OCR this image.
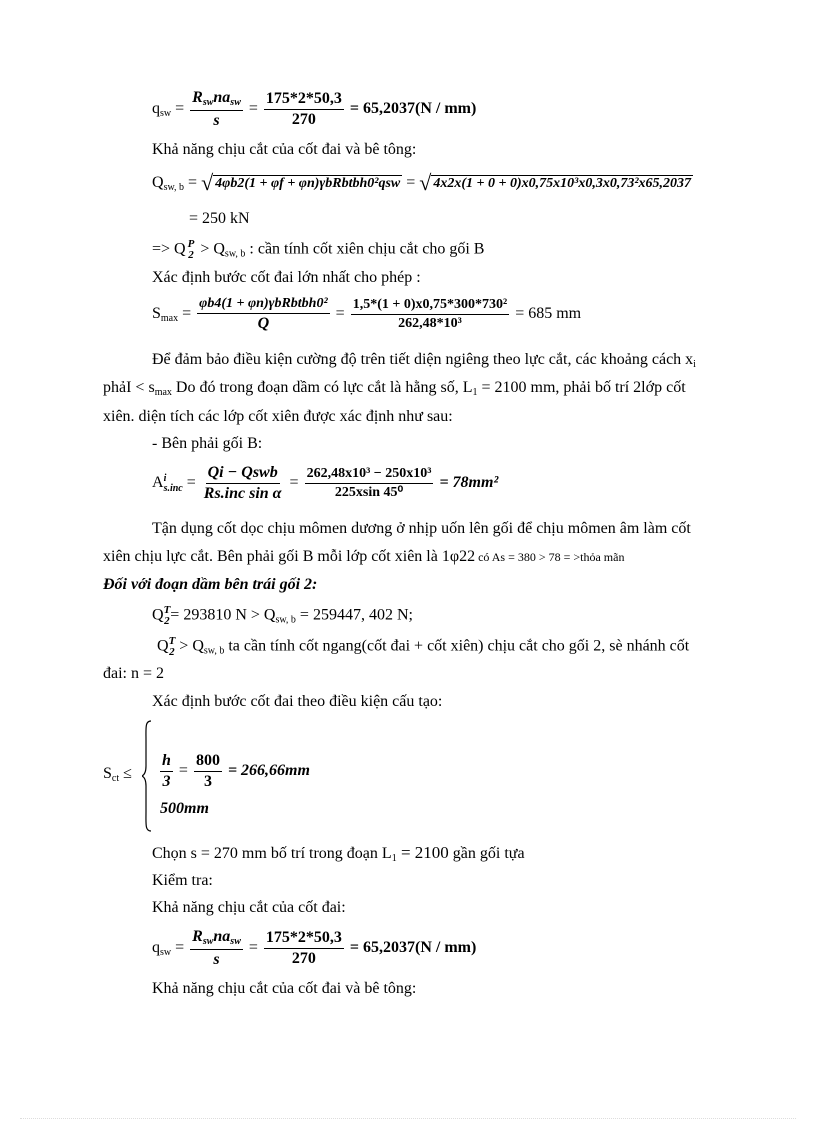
$q_{sw} = \frac{R_{sw}na_{sw}}{s} = \frac{175*2*50,3}{270} = 65,2037(N / mm)$
Khả năng chịu cắt của cốt đai và bê tông:
$Q_{sw, b}$ = √ 4φb2(1 + φf + φn)γbRbtbh0²qsw = √ 4x2x(1 + 0 + 0)x0,75x10³x0,3x0,73²x65,2037
= 250 kN
=> Q P
$2 > Q_{sw, b}$ : cần tính cốt xiên chịu cắt cho gối B
Xác định bước cốt đai lớn nhất cho phép :
$S_{max} = \frac{\text{φb4(1 + φn)γbRbtbh0²}}{Q} = \frac{\text{1,5*(1 + 0)x0,75*300*730²}}{\text{262,48*10³}} = 685$ mm
Để đảm bảo điều kiện cường độ trên tiết diện ngiêng theo lực cắt, các khoảng cách $x_i$
phảI < $s_{max}$ Do đó trong đoạn dầm có lực cắt là hằng số, $L_1 = 2100$ mm, phải bố trí 2lớp cốt
xiên. diện tích các lớp cốt xiên được xác định như sau:
- Bên phải gối B:
A i
$s.inc = \frac{\text{Qi − Qswb}}{\text{Rs.inc sin α}} = \frac{\text{262,48x10³ − 250x10³}}{\text{225xsin 45⁰}} = 78mm^2$
Tận dụng cốt dọc chịu mômen dương ở nhịp uốn lên gối để chịu mômen âm làm cốt
xiên chịu lực cắt. Bên phải gối B mỗi lớp cốt xiên là 1φ22 có As = 380 > 78 = >thỏa mãn
Đối với đoạn dầm bên trái gối 2:
Q T
2 = 293810 $N > Q_{sw, b} = 259447$, 402 N;
Q T
$2 > Q_{sw, b}$ ta cần tính cốt ngang(cốt đai + cốt xiên) chịu cắt cho gối 2, sè nhánh cốt
đai: n = 2
Xác định bước cốt đai theo điều kiện cấu tạo:
$S_{ct} \le \frac{h}{3} = \frac{800}{3} = 266,66mm$
500mm
Chọn s = 270 mm bố trí trong đoạn $L_1 = 2100$ gần gối tựa
Kiểm tra:
Khả năng chịu cắt của cốt đai:
$q_{sw} = \frac{R_{sw}na_{sw}}{s} = \frac{175*2*50,3}{270} = 65,2037(N / mm)$
Khả năng chịu cắt của cốt đai và bê tông:
